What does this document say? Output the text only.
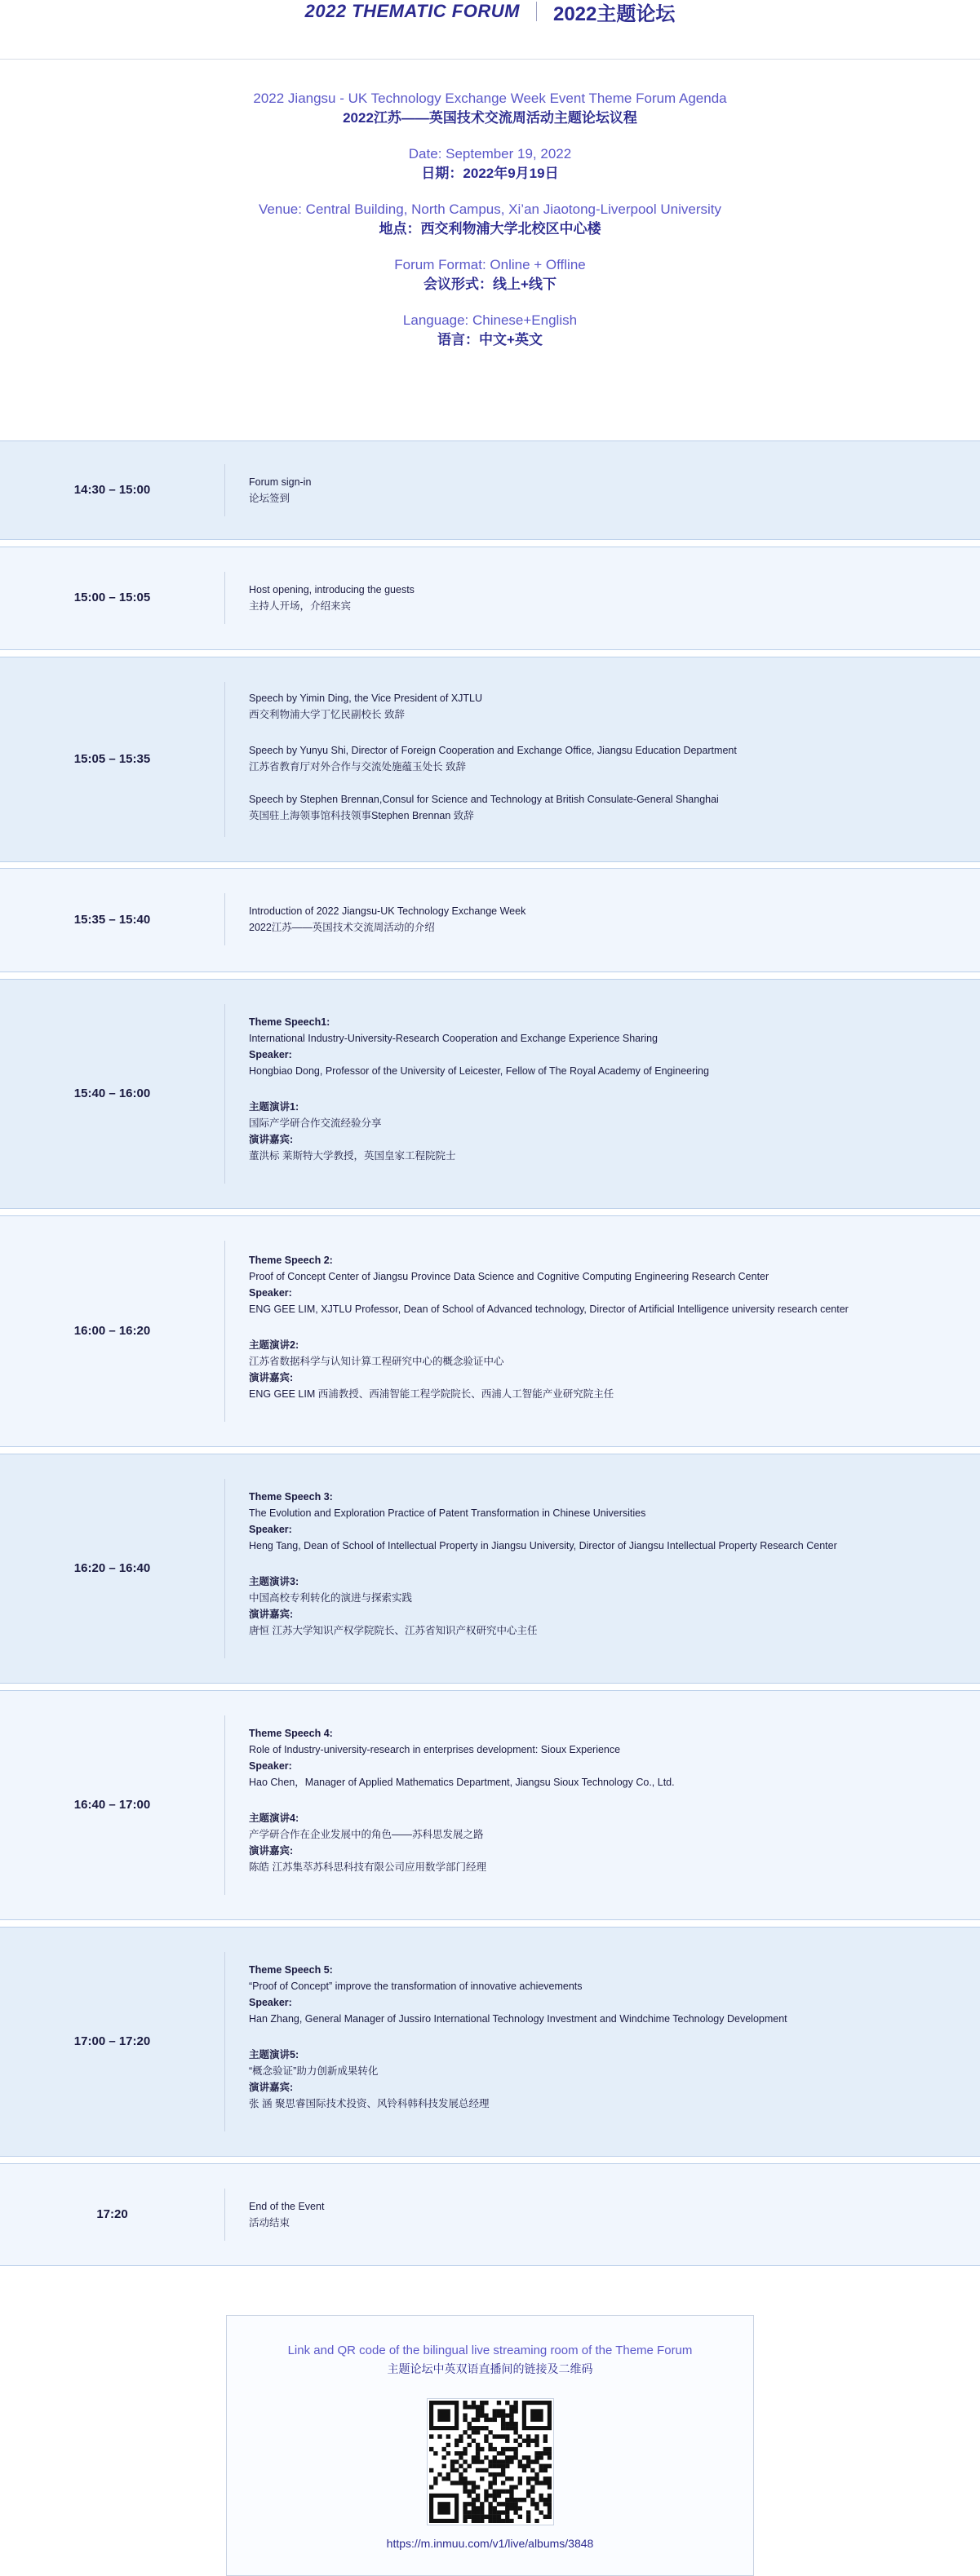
2022 THEMATIC FORUM 2022主题论坛
2022 Jiangsu - UK Technology Exchange Week Event Theme Forum Agenda
2022江苏——英国技术交流周活动主题论坛议程
Date: September 19, 2022
日期：2022年9月19日
Venue: Central Building, North Campus, Xi’an Jiaotong-Liverpool University
地点：西交利物浦大学北校区中心楼
Forum Format: Online + Offline
会议形式：线上+线下
Language: Chinese+English
语言：中文+英文
14:30 – 15:00

Forum sign-in

论坛签到

15:00 – 15:05

Host opening, introducing the guests

主持人开场，介绍来宾

15:05 – 15:35

Speech by Yimin Ding, the Vice President of XJTLU

西交利物浦大学丁忆民副校长 致辞

Speech by Yunyu Shi, Director of Foreign Cooperation and Exchange Office, Jiangsu Education Department

江苏省教育厅对外合作与交流处施蕴玉处长 致辞

Speech by Stephen Brennan,Consul for Science and Technology at British Consulate-General Shanghai

英国驻上海领事馆科技领事Stephen Brennan 致辞

15:35 – 15:40

Introduction of 2022 Jiangsu-UK Technology Exchange Week

2022江苏——英国技术交流周活动的介绍

15:40 – 16:00

Theme Speech1:

International Industry-University-Research Cooperation and Exchange Experience Sharing

Speaker:

Hongbiao Dong, Professor of the University of Leicester, Fellow of The Royal Academy of Engineering

主题演讲1:

国际产学研合作交流经验分享

演讲嘉宾:

董洪标 莱斯特大学教授，英国皇家工程院院士

16:00 – 16:20

Theme Speech 2:

Proof of Concept Center of Jiangsu Province Data Science and Cognitive Computing Engineering Research Center

Speaker:

ENG GEE LIM, XJTLU Professor, Dean of School of Advanced technology, Director of Artificial Intelligence university research center

主题演讲2:

江苏省数据科学与认知计算工程研究中心的概念验证中心

演讲嘉宾:

ENG GEE LIM 西浦教授、西浦智能工程学院院长、西浦人工智能产业研究院主任

16:20 – 16:40

Theme Speech 3:

The Evolution and Exploration Practice of Patent Transformation in Chinese Universities

Speaker:

Heng Tang, Dean of School of Intellectual Property in Jiangsu University, Director of Jiangsu Intellectual Property Research Center

主题演讲3:

中国高校专利转化的演进与探索实践

演讲嘉宾:

唐恒 江苏大学知识产权学院院长、江苏省知识产权研究中心主任

16:40 – 17:00

Theme Speech 4:

Role of Industry-university-research in enterprises development: Sioux Experience

Speaker:

Hao Chen，Manager of Applied Mathematics Department, Jiangsu Sioux Technology Co., Ltd.

主题演讲4:

产学研合作在企业发展中的角色——苏科思发展之路

演讲嘉宾:

陈皓 江苏集萃苏科思科技有限公司应用数学部门经理

17:00 – 17:20

Theme Speech 5:

“Proof of Concept” improve the transformation of innovative achievements

Speaker:

Han Zhang, General Manager of Jussiro International Technology Investment and Windchime Technology Development

主题演讲5:

“概念验证”助力创新成果转化

演讲嘉宾:

张 涵 聚思睿国际技术投资、风铃科韩科技发展总经理

17:20

End of the Event

活动结束

Link and QR code of the bilingual live streaming room of the Theme Forum
主题论坛中英双语直播间的链接及二维码
https://m.inmuu.com/v1/live/albums/3848
